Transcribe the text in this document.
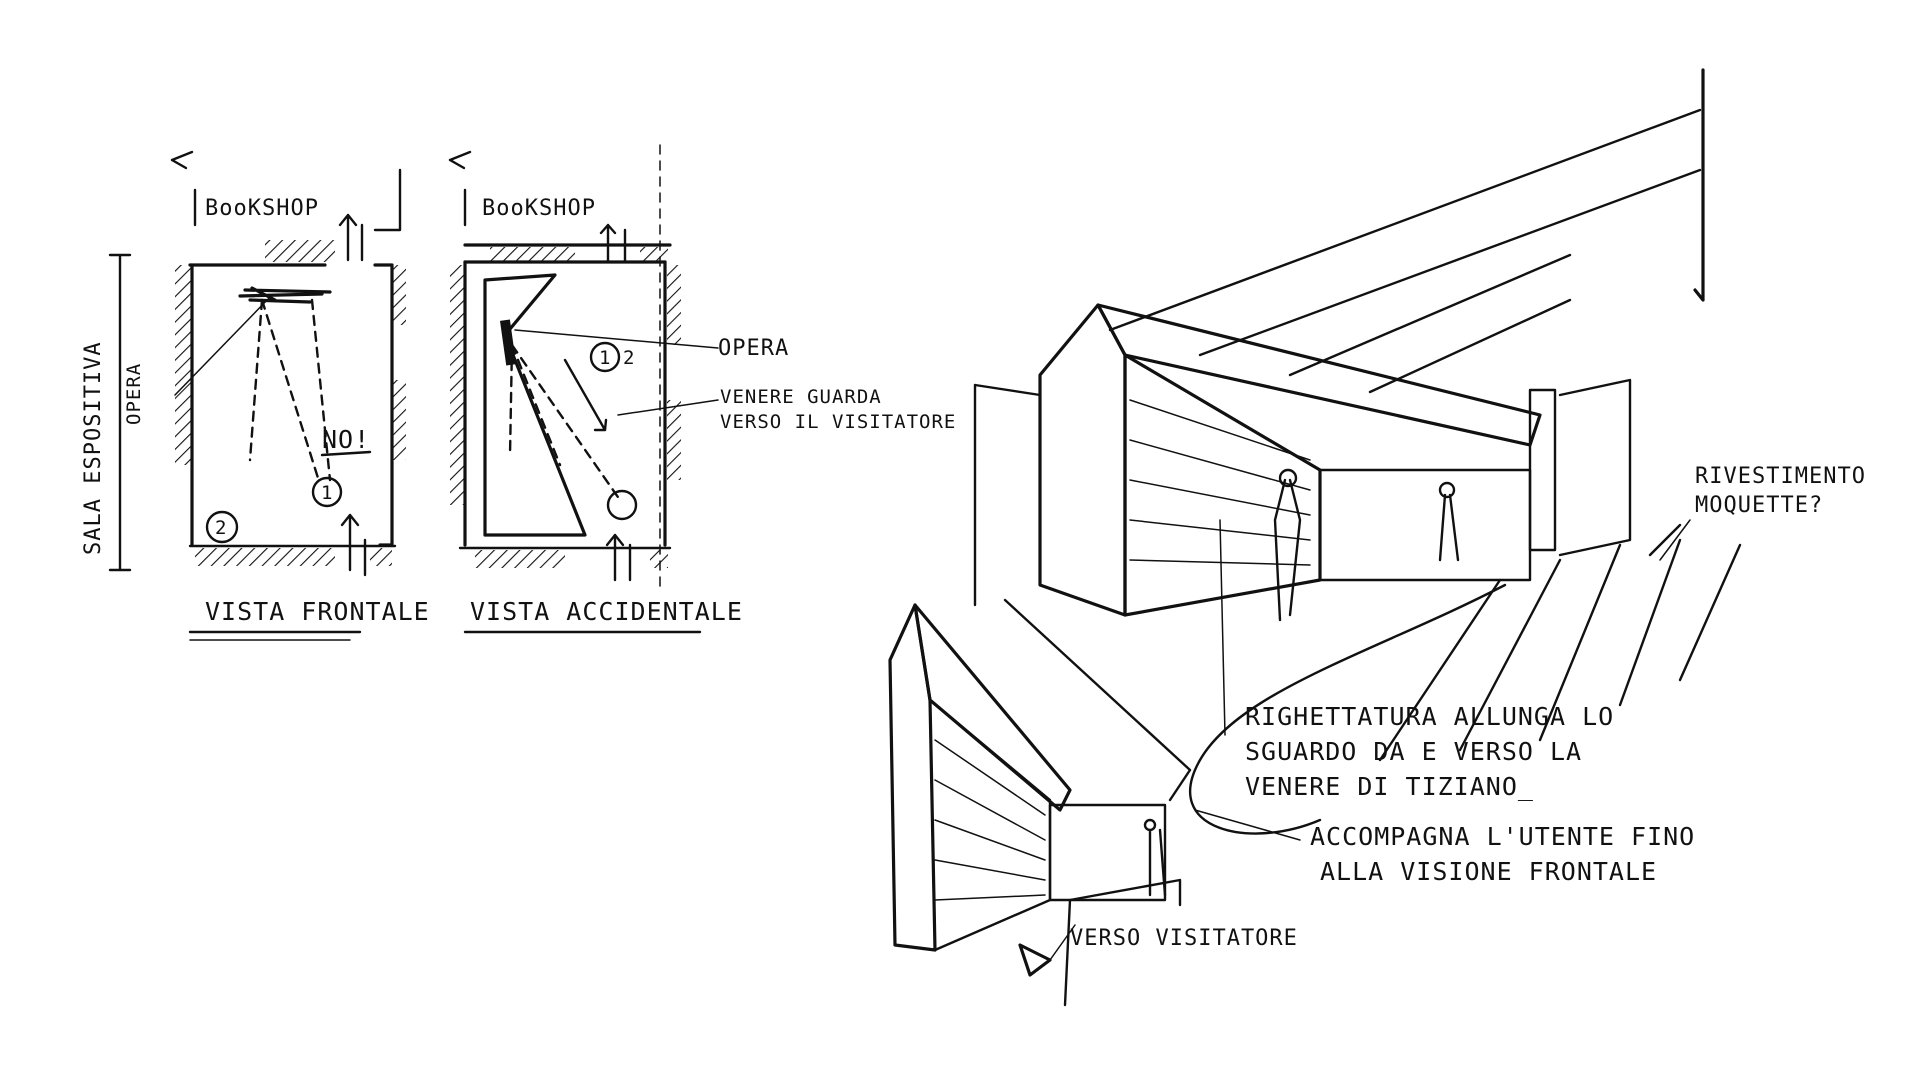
BooKSHOP
SALA ESPOSITIVA OPERA
NO!
1
2
VISTA FRONTALE
BooKSHOP
1 2	OPERA
VENERE GUARDA
VERSO IL VISITATORE
VISTA ACCIDENTALE
RIVESTIMENTO
MOQUETTE?
RIGHETTATURA ALLUNGA LO
SGUARDO DA E VERSO LA
VENERE DI TIZIANO_
ACCOMPAGNA L'UTENTE FINO
ALLA VISIONE FRONTALE
VERSO VISITATORE
